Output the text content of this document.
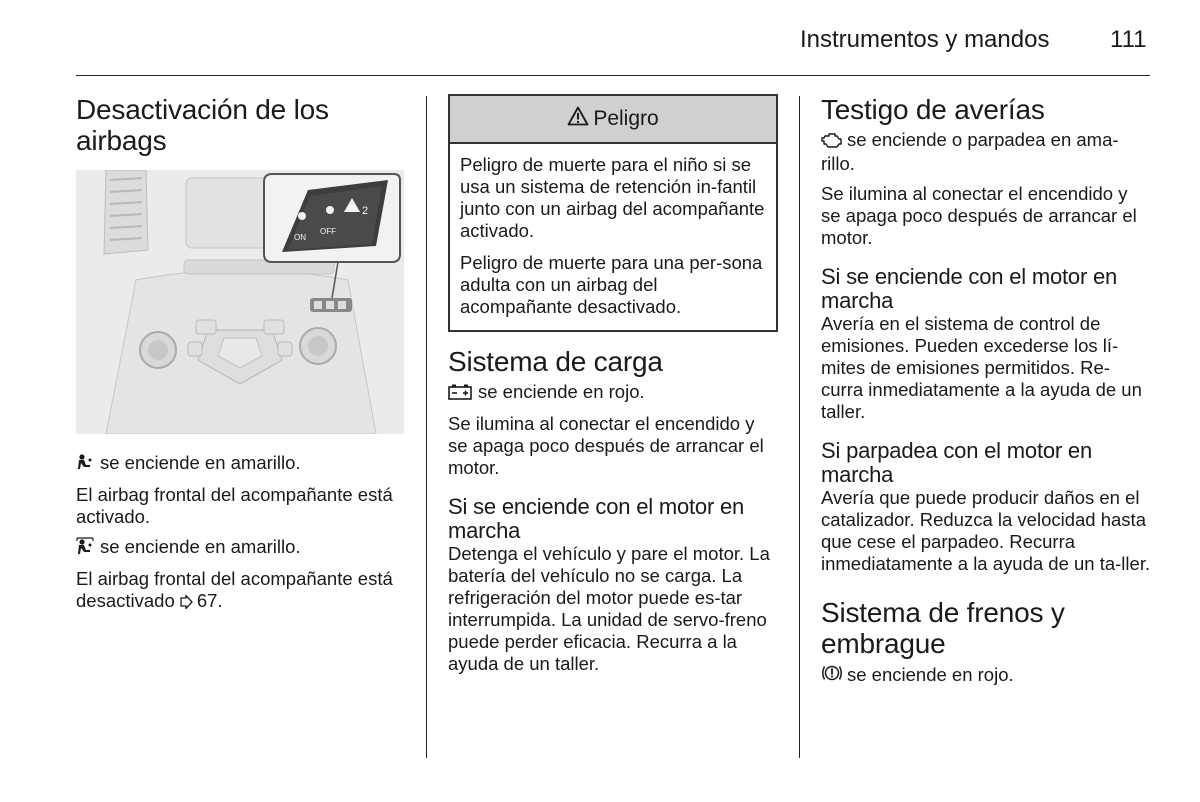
Instrumentos y mandos	111
Desactivación de los airbags
ON
OFF
2

se enciende en amarillo.

El airbag frontal del acompañante está activado.

se enciende en amarillo.

El airbag frontal del acompañante está desactivado 67.

Peligro

Peligro de muerte para el niño si se usa un sistema de retención in-fantil junto con un airbag del acompañante activado.

Peligro de muerte para una per-sona adulta con un airbag del acompañante desactivado.

Sistema de carga

se enciende en rojo.

Se ilumina al conectar el encendido y se apaga poco después de arrancar el motor.

Si se enciende con el motor en marcha

Detenga el vehículo y pare el motor. La batería del vehículo no se carga. La refrigeración del motor puede es-tar interrumpida. La unidad de servo-freno puede perder eficacia. Recurra a la ayuda de un taller.

Testigo de averías

se enciende o parpadea en ama-rillo.

Se ilumina al conectar el encendido y se apaga poco después de arrancar el motor.

Si se enciende con el motor en marcha

Avería en el sistema de control de emisiones. Pueden excederse los lí-mites de emisiones permitidos. Re-curra inmediatamente a la ayuda de un taller.

Si parpadea con el motor en marcha

Avería que puede producir daños en el catalizador. Reduzca la velocidad hasta que cese el parpadeo. Recurra inmediatamente a la ayuda de un ta-ller.

Sistema de frenos y embrague

se enciende en rojo.
